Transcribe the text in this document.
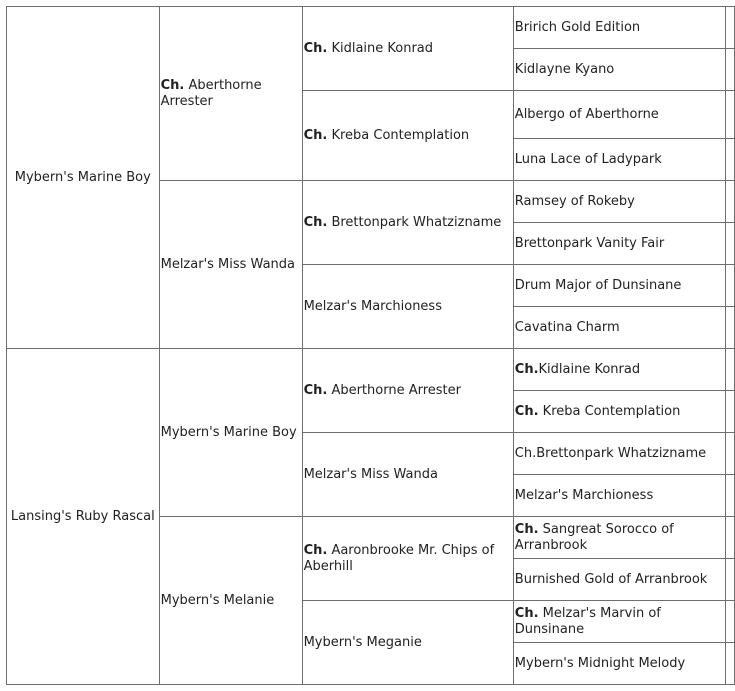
Mybern's Marine Boy	Ch. Aberthorne Arrester	Ch. Kidlaine Konrad	Bririch Gold Edition	
			Kidlayne Kyano	
		Ch. Kreba Contemplation	Albergo of Aberthorne	
			Luna Lace of Ladypark	
	Melzar's Miss Wanda	Ch. Brettonpark Whatzizname	Ramsey of Rokeby	
			Brettonpark Vanity Fair	
		Melzar's Marchioness	Drum Major of Dunsinane	
			Cavatina Charm	
Lansing's Ruby Rascal	Mybern's Marine Boy	Ch. Aberthorne Arrester	Ch.Kidlaine Konrad	
			Ch. Kreba Contemplation	
		Melzar's Miss Wanda	Ch.Brettonpark Whatzizname	
			Melzar's Marchioness	
	Mybern's Melanie	Ch. Aaronbrooke Mr. Chips of Aberhill	Ch. Sangreat Sorocco of Arranbrook	
			Burnished Gold of Arranbrook	
		Mybern's Meganie	Ch. Melzar's Marvin of Dunsinane	
			Mybern's Midnight Melody	
